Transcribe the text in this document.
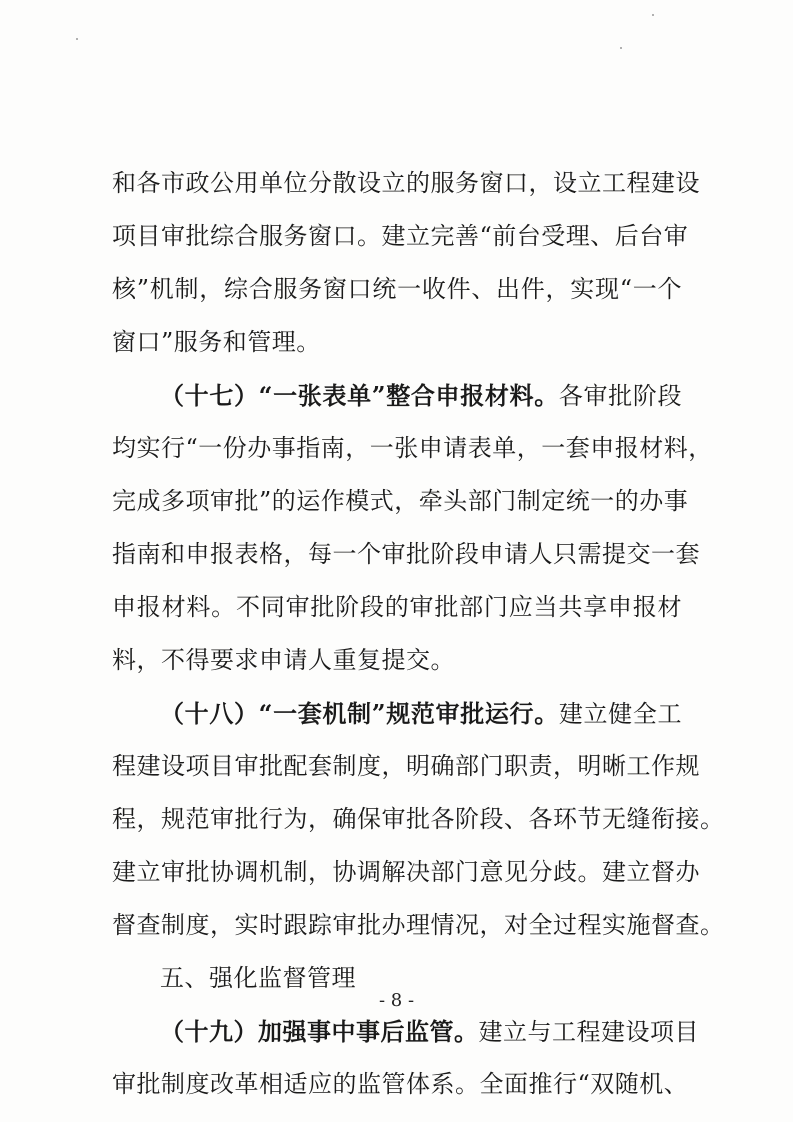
和各市政公用单位分散设立的服务窗口，设立工程建设
项目审批综合服务窗口。建立完善“前台受理、后台审
核”机制，综合服务窗口统一收件、出件，实现“一个
窗口”服务和管理。
（十七）“一张表单”整合申报材料。各审批阶段
均实行“一份办事指南，一张申请表单，一套申报材料，
完成多项审批”的运作模式，牵头部门制定统一的办事
指南和申报表格，每一个审批阶段申请人只需提交一套
申报材料。不同审批阶段的审批部门应当共享申报材
料，不得要求申请人重复提交。
（十八）“一套机制”规范审批运行。建立健全工
程建设项目审批配套制度，明确部门职责，明晰工作规
程，规范审批行为，确保审批各阶段、各环节无缝衔接。
建立审批协调机制，协调解决部门意见分歧。建立督办
督查制度，实时跟踪审批办理情况，对全过程实施督查。
五、强化监督管理
（十九）加强事中事后监管。建立与工程建设项目
审批制度改革相适应的监管体系。全面推行“双随机、
- 8 -
